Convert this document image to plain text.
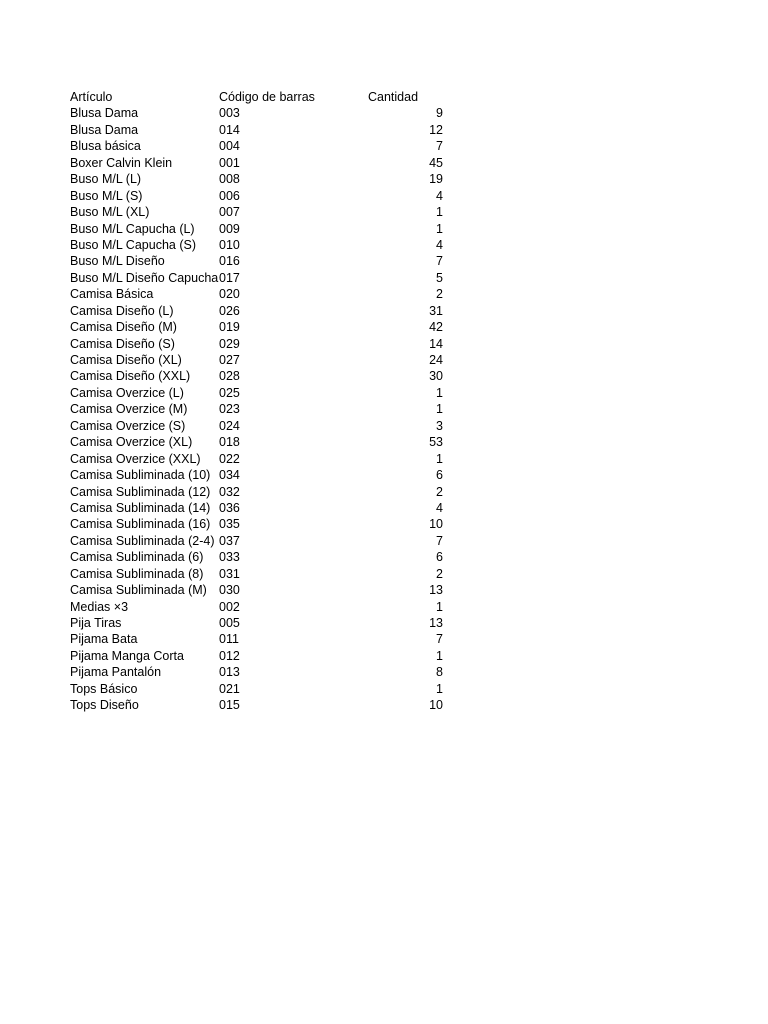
Artículo	Código de barras	Cantidad
Blusa Dama	003	9
Blusa Dama	014	12
Blusa básica	004	7
Boxer Calvin Klein	001	45
Buso M/L (L)	008	19
Buso M/L (S)	006	4
Buso M/L (XL)	007	1
Buso M/L Capucha (L)	009	1
Buso M/L Capucha (S)	010	4
Buso M/L Diseño	016	7
Buso M/L Diseño Capucha 017	5
Camisa Básica	020	2
Camisa Diseño (L)	026	31
Camisa Diseño (M)	019	42
Camisa Diseño (S)	029	14
Camisa Diseño (XL)	027	24
Camisa Diseño (XXL)	028	30
Camisa Overzice (L)	025	1
Camisa Overzice (M)	023	1
Camisa Overzice (S)	024	3
Camisa Overzice (XL)	018	53
Camisa Overzice (XXL)	022	1
Camisa Subliminada (10) 034	6
Camisa Subliminada (12) 032	2
Camisa Subliminada (14) 036	4
Camisa Subliminada (16) 035	10
Camisa Subliminada (2-4) 037	7
Camisa Subliminada (6)	033	6
Camisa Subliminada (8)	031	2
Camisa Subliminada (M) 030	13
Medias ×3	002	1
Pija Tiras	005	13
Pijama Bata	011	7
Pijama Manga Corta	012	1
Pijama Pantalón	013	8
Tops Básico	021	1
Tops Diseño	015	10
